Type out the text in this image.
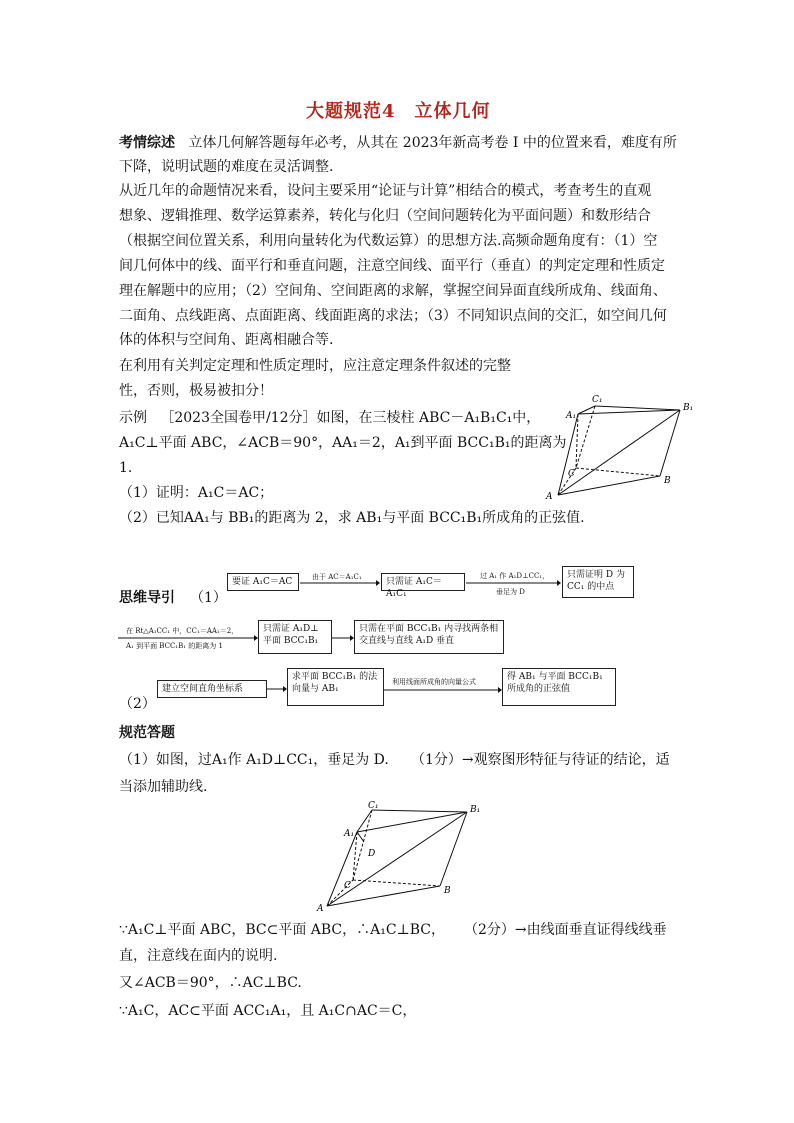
大题规范4　立体几何
考情综述 立体几何解答题每年必考，从其在 2023年新高考卷 I 中的位置来看，难度有所
下降，说明试题的难度在灵活调整.
从近几年的命题情况来看，设问主要采用“论证与计算”相结合的模式，考查考生的直观
想象、逻辑推理、数学运算素养，转化与化归（空间问题转化为平面问题）和数形结合
（根据空间位置关系，利用向量转化为代数运算）的思想方法.高频命题角度有：（1）空
间几何体中的线、面平行和垂直问题，注意空间线、面平行（垂直）的判定定理和性质定
理在解题中的应用；（2）空间角、空间距离的求解，掌握空间异面直线所成角、线面角、
二面角、点线距离、点面距离、线面距离的求法；（3）不同知识点间的交汇，如空间几何
体的体积与空间角、距离相融合等.
在利用有关判定定理和性质定理时，应注意定理条件叙述的完整
性，否则，极易被扣分！
示例 ［2023全国卷甲/12分］如图，在三棱柱 ABC－A₁B₁C₁中，
A₁C⊥平面 ABC，∠ACB＝90°，AA₁＝2，A₁到平面 BCC₁B₁的距离为
1.
（1）证明：A₁C＝AC；
（2）已知AA₁与 BB₁的距离为 2，求 AB₁与平面 BCC₁B₁所成角的正弦值.
A
B
C
A₁
B₁
C₁
思维导引 （1）
要证 A₁C＝AC	由于 AC＝A₁C₁	只需证 A₁C＝A₁C₁
过 A₁ 作 A₁D⊥CC₁，
垂足为 D
只需证明 D 为 CC₁ 的中点
在 Rt△A₁CC₁ 中，CC₁＝AA₁＝2，
A₁ 到平面 BCC₁B₁ 的距离为 1
只需证 A₁D⊥平面 BCC₁B₁
只需在平面 BCC₁B₁ 内寻找两条相交直线与直线 A₁D 垂直
（2）
建立空间直角坐标系
求平面 BCC₁B₁ 的法向量与 AB₁
利用线面所成角的向量公式	得 AB₁ 与平面 BCC₁B₁ 所成角的正弦值
规范答题
（1）如图，过A₁作 A₁D⊥CC₁，垂足为 D. （1分）→观察图形特征与待证的结论，适
当添加辅助线.
A
B
C
A₁
B₁
C₁
D
∵A₁C⊥平面 ABC，BC⊂平面 ABC，∴A₁C⊥BC， （2分）→由线面垂直证得线线垂
直，注意线在面内的说明.
又∠ACB＝90°，∴AC⊥BC.
∵A₁C，AC⊂平面 ACC₁A₁，且 A₁C∩AC＝C，
